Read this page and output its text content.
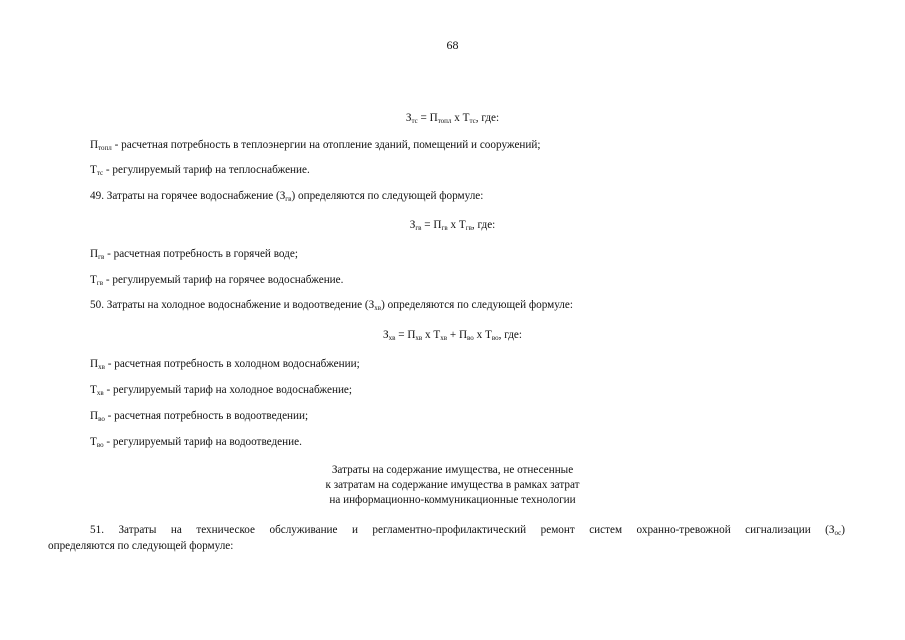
68
$З_{тс} = П_{топл}$ х $Т_{тс}$, где:
$П_{топл}$ - расчетная потребность в теплоэнергии на отопление зданий, помещений и сооружений;
$Т_{тс}$ - регулируемый тариф на теплоснабжение.
49. Затраты на горячее водоснабжение $(З_{гв})$ определяются по следующей формуле:
$З_{гв} = П_{гв}$ х $Т_{гв}$, где:
$П_{гв}$ - расчетная потребность в горячей воде;
$Т_{гв}$ - регулируемый тариф на горячее водоснабжение.
50. Затраты на холодное водоснабжение и водоотведение $(З_{хв})$ определяются по следующей формуле:
$З_{хв} = П_{хв}$ х $Т_{хв} + П_{во}$ х $Т_{во}$, где:
$П_{хв}$ - расчетная потребность в холодном водоснабжении;
$Т_{хв}$ - регулируемый тариф на холодное водоснабжение;
$П_{во}$ - расчетная потребность в водоотведении;
$Т_{во}$ - регулируемый тариф на водоотведение.
Затраты на содержание имущества, не отнесенные
к затратам на содержание имущества в рамках затрат
на информационно-коммуникационные технологии
51. Затраты на техническое обслуживание и регламентно-профилактический ремонт систем охранно-тревожной сигнализации $(З_{ос})$
определяются по следующей формуле:
